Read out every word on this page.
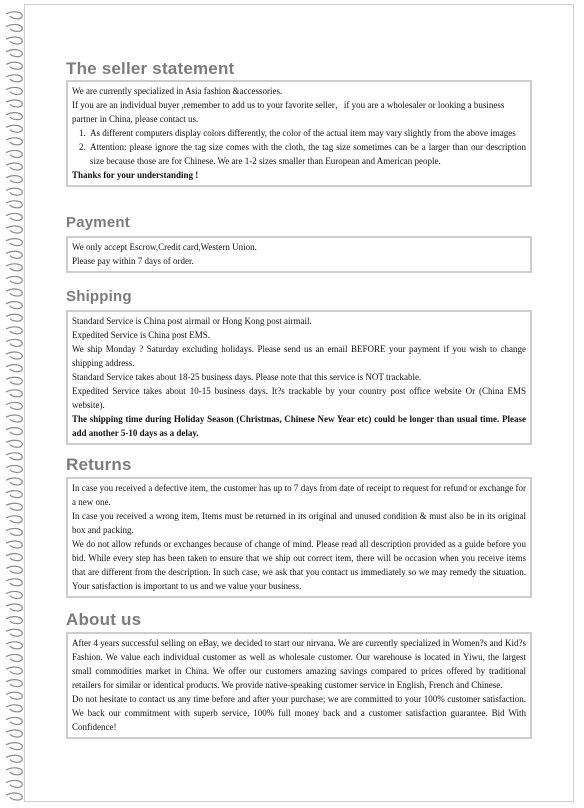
The seller statement

We are currently specialized in Asia fashion &accessories.

If you are an individual buyer ,remember to add us to your favorite seller，if you are a wholesaler or looking a business partner in China, please contact us.

1. As different computers display colors differently, the color of the actual item may vary slightly from the above images
2. Attention: please ignore the tag size comes with the cloth, the tag size sometimes can be a larger than our description size because those are for Chinese. We are 1-2 sizes smaller than European and American people.

Thanks for your understanding !

Payment

We only accept Escrow,Credit card,Western Union.

Please pay within 7 days of order.

Shipping

Standard Service is China post airmail or Hong Kong post airmail.

Expedited Service is China post EMS.

We ship Monday ? Saturday excluding holidays. Please send us an email BEFORE your payment if you wish to change shipping address.

Standard Service takes about 18-25 business days. Please note that this service is NOT trackable.

Expedited Service takes about 10-15 business days. It?s trackable by your country post office website Or (China EMS website).

The shipping time during Holiday Season (Christmas, Chinese New Year etc) could be longer than usual time. Please add another 5-10 days as a delay.

Returns

In case you received a defective item, the customer has up to 7 days from date of receipt to request for refund or exchange for a new one.

In case you received a wrong item, Items must be returned in its original and unused condition & must also be in its original box and packing.

We do not allow refunds or exchanges because of change of mind. Please read all description provided as a guide before you bid. While every step has been taken to ensure that we ship out correct item, there will be occasion when you receive items that are different from the description. In such case, we ask that you contact us immediately so we may remedy the situation. Your satisfaction is important to us and we value your business.

About us

After 4 years successful selling on eBay, we decided to start our nirvana. We are currently specialized in Women?s and Kid?s Fashion. We value each individual customer as well as wholesale customer. Our warehouse is located in Yiwu, the largest small commodities market in China. We offer our customers amazing savings compared to prices offered by traditional retailers for similar or identical products. We provide native-speaking customer service in English, French and Chinese.

Do not hesitate to contact us any time before and after your purchase; we are committed to your 100% customer satisfaction. We back our commitment with superb service, 100% full money back and a customer satisfaction guarantee. Bid With Confidence!
